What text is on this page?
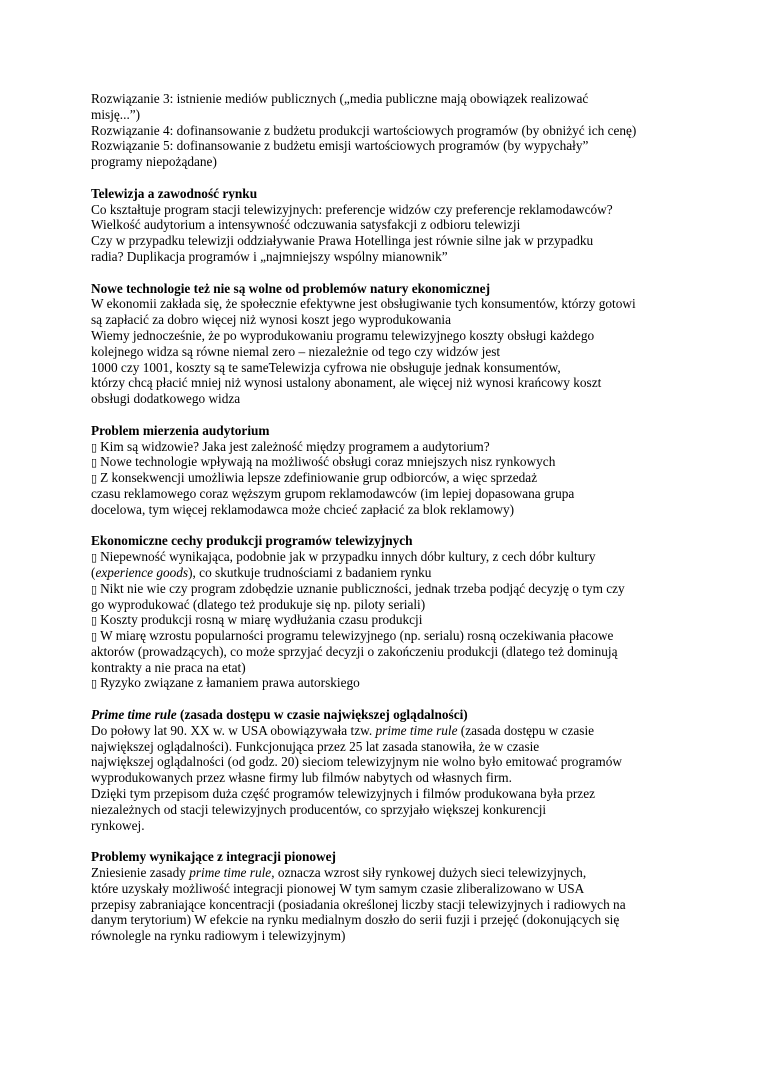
Rozwiązanie 3: istnienie mediów publicznych („media publiczne mają obowiązek realizować
misję...”)
Rozwiązanie 4: dofinansowanie z budżetu produkcji wartościowych programów (by obniżyć ich cenę)
Rozwiązanie 5: dofinansowanie z budżetu emisji wartościowych programów (by wypychały”
programy niepożądane)
Telewizja a zawodność rynku
Co kształtuje program stacji telewizyjnych: preferencje widzów czy preferencje reklamodawców?
Wielkość audytorium a intensywność odczuwania satysfakcji z odbioru telewizji
Czy w przypadku telewizji oddziaływanie Prawa Hotellinga jest równie silne jak w przypadku
radia? Duplikacja programów i „najmniejszy wspólny mianownik”
Nowe technologie też nie są wolne od problemów natury ekonomicznej
W ekonomii zakłada się, że społecznie efektywne jest obsługiwanie tych konsumentów, którzy gotowi
są zapłacić za dobro więcej niż wynosi koszt jego wyprodukowania
Wiemy jednocześnie, że po wyprodukowaniu programu telewizyjnego koszty obsługi każdego
kolejnego widza są równe niemal zero – niezależnie od tego czy widzów jest
1000 czy 1001, koszty są te sameTelewizja cyfrowa nie obsługuje jednak konsumentów,
którzy chcą płacić mniej niż wynosi ustalony abonament, ale więcej niż wynosi krańcowy koszt
obsługi dodatkowego widza
Problem mierzenia audytorium
▯ Kim są widzowie? Jaka jest zależność między programem a audytorium?
▯ Nowe technologie wpływają na możliwość obsługi coraz mniejszych nisz rynkowych
▯ Z konsekwencji umożliwia lepsze zdefiniowanie grup odbiorców, a więc sprzedaż
czasu reklamowego coraz węższym grupom reklamodawców (im lepiej dopasowana grupa
docelowa, tym więcej reklamodawca może chcieć zapłacić za blok reklamowy)
Ekonomiczne cechy produkcji programów telewizyjnych
▯ Niepewność wynikająca, podobnie jak w przypadku innych dóbr kultury, z cech dóbr kultury
(experience goods), co skutkuje trudnościami z badaniem rynku
▯ Nikt nie wie czy program zdobędzie uznanie publiczności, jednak trzeba podjąć decyzję o tym czy
go wyprodukować (dlatego też produkuje się np. piloty seriali)
▯ Koszty produkcji rosną w miarę wydłużania czasu produkcji
▯ W miarę wzrostu popularności programu telewizyjnego (np. serialu) rosną oczekiwania płacowe
aktorów (prowadzących), co może sprzyjać decyzji o zakończeniu produkcji (dlatego też dominują
kontrakty a nie praca na etat)
▯ Ryzyko związane z łamaniem prawa autorskiego
Prime time rule (zasada dostępu w czasie największej oglądalności)
Do połowy lat 90. XX w. w USA obowiązywała tzw. prime time rule (zasada dostępu w czasie
największej oglądalności). Funkcjonująca przez 25 lat zasada stanowiła, że w czasie
największej oglądalności (od godz. 20) sieciom telewizyjnym nie wolno było emitować programów
wyprodukowanych przez własne firmy lub filmów nabytych od własnych firm.
Dzięki tym przepisom duża część programów telewizyjnych i filmów produkowana była przez
niezależnych od stacji telewizyjnych producentów, co sprzyjało większej konkurencji
rynkowej.
Problemy wynikające z integracji pionowej
Zniesienie zasady prime time rule, oznacza wzrost siły rynkowej dużych sieci telewizyjnych,
które uzyskały możliwość integracji pionowej W tym samym czasie zliberalizowano w USA
przepisy zabraniające koncentracji (posiadania określonej liczby stacji telewizyjnych i radiowych na
danym terytorium) W efekcie na rynku medialnym doszło do serii fuzji i przejęć (dokonujących się
równolegle na rynku radiowym i telewizyjnym)
